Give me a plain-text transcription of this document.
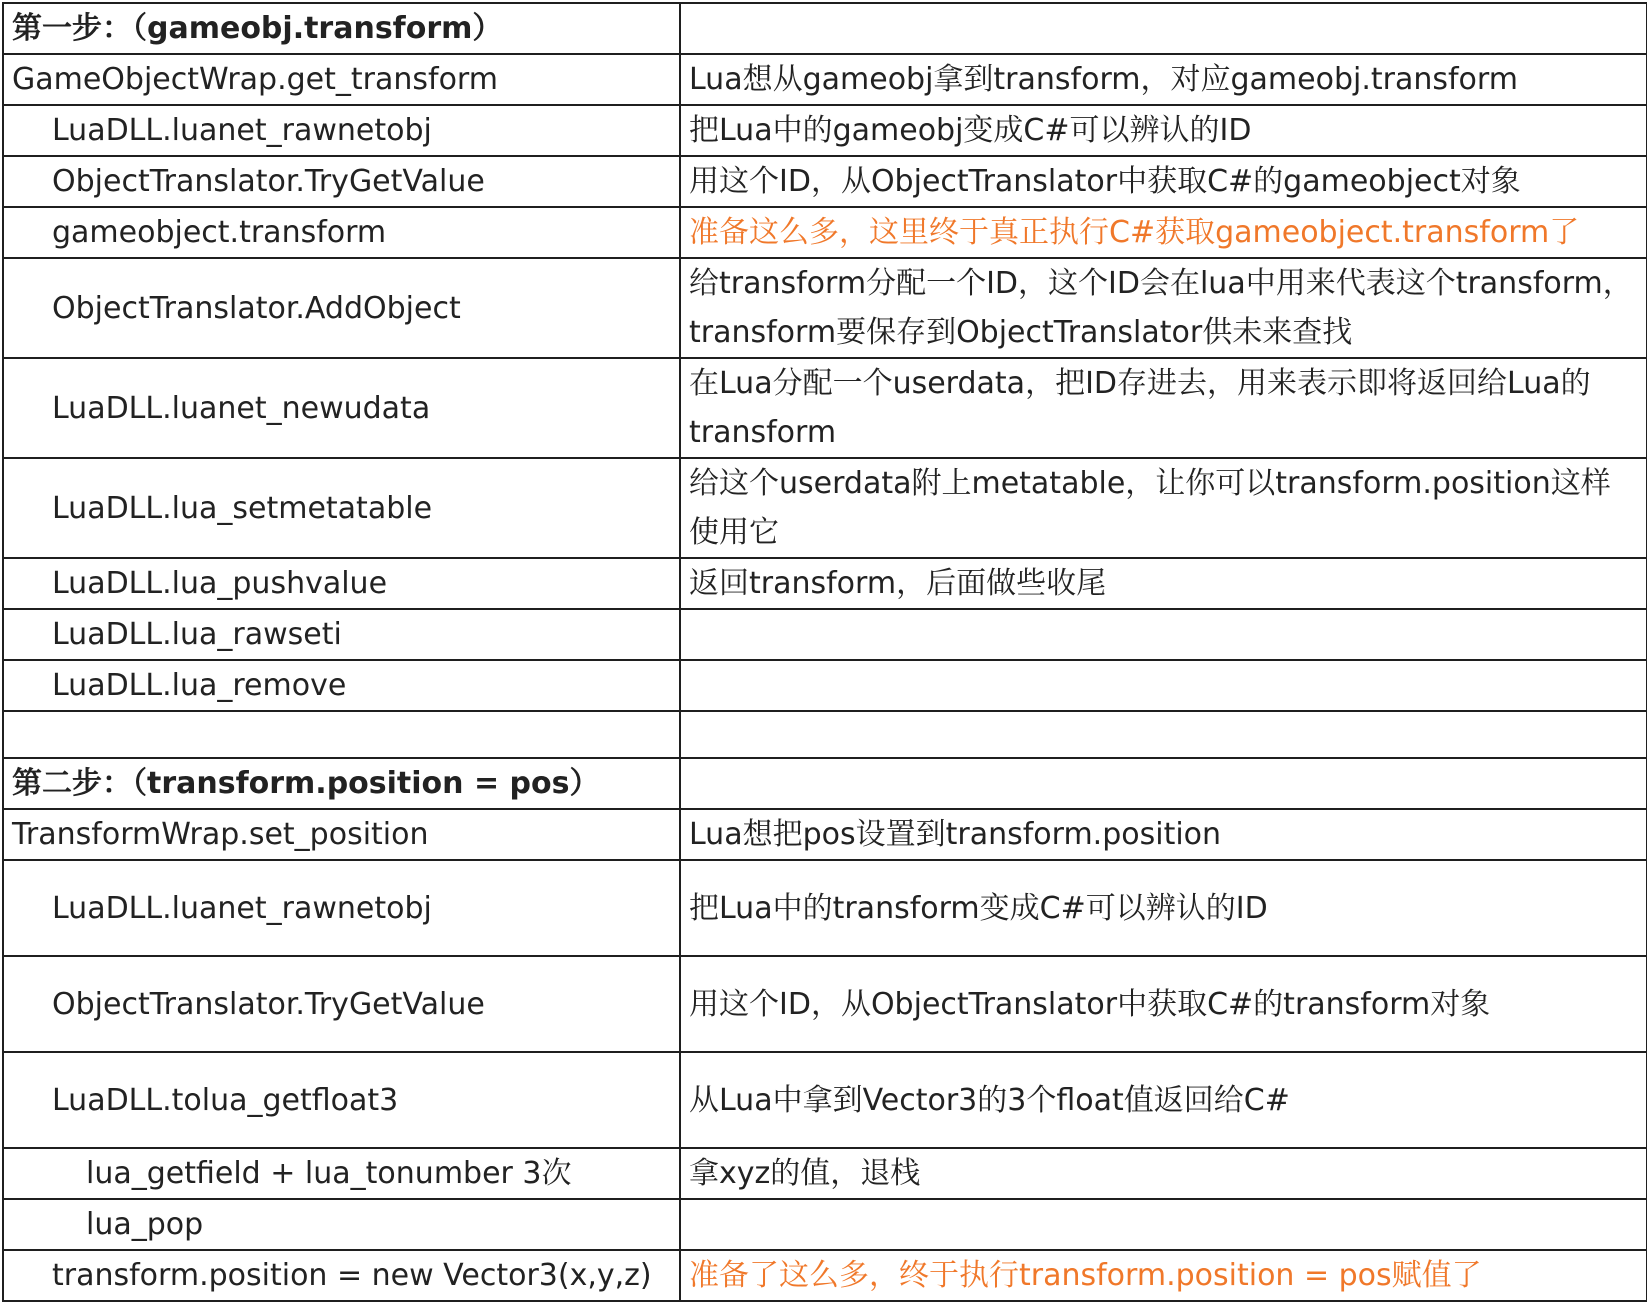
第一步：（gameobj.transform）	
GameObjectWrap.get_transform	Lua想从gameobj拿到transform，对应gameobj.transform
LuaDLL.luanet_rawnetobj	把Lua中的gameobj变成C#可以辨认的ID
ObjectTranslator.TryGetValue	用这个ID，从ObjectTranslator中获取C#的gameobject对象
gameobject.transform	准备这么多，这里终于真正执行C#获取gameobject.transform了
ObjectTranslator.AddObject	给transform分配一个ID，这个ID会在lua中用来代表这个transform，transform要保存到ObjectTranslator供未来查找
LuaDLL.luanet_newudata	在Lua分配一个userdata，把ID存进去，用来表示即将返回给Lua的transform
LuaDLL.lua_setmetatable	给这个userdata附上metatable，让你可以transform.position这样使用它
LuaDLL.lua_pushvalue	返回transform，后面做些收尾
LuaDLL.lua_rawseti	
LuaDLL.lua_remove	

第二步：（transform.position = pos）	
TransformWrap.set_position	Lua想把pos设置到transform.position
LuaDLL.luanet_rawnetobj	把Lua中的transform变成C#可以辨认的ID
ObjectTranslator.TryGetValue	用这个ID，从ObjectTranslator中获取C#的transform对象
LuaDLL.tolua_getfloat3	从Lua中拿到Vector3的3个float值返回给C#
lua_getfield + lua_tonumber 3次	拿xyz的值，退栈
lua_pop	
transform.position = new Vector3(x,y,z)	准备了这么多，终于执行transform.position = pos赋值了
